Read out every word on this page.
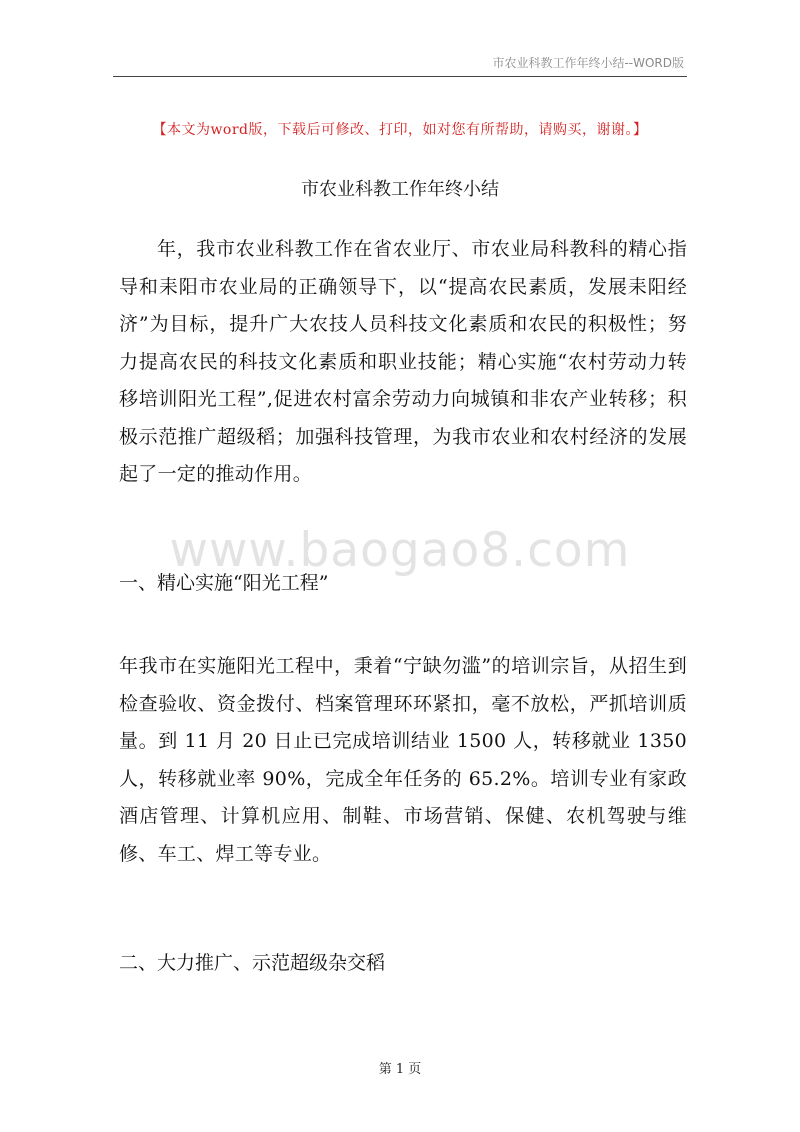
市农业科教工作年终小结--WORD版
【本文为word版，下载后可修改、打印，如对您有所帮助，请购买，谢谢。】
市农业科教工作年终小结

年，我市农业科教工作在省农业厅、市农业局科教科的精心指导和耒阳市农业局的正确领导下，以“提高农民素质，发展耒阳经济”为目标，提升广大农技人员科技文化素质和农民的积极性；努力提高农民的科技文化素质和职业技能；精心实施“农村劳动力转移培训阳光工程”,促进农村富余劳动力向城镇和非农产业转移；积极示范推广超级稻；加强科技管理，为我市农业和农村经济的发展起了一定的推动作用。

www.baogao8.com

一、精心实施“阳光工程”

年我市在实施阳光工程中，秉着“宁缺勿滥”的培训宗旨，从招生到检查验收、资金拨付、档案管理环环紧扣，毫不放松，严抓培训质量。到 11 月 20 日止已完成培训结业 1500 人，转移就业 1350 人，转移就业率 90%，完成全年任务的 65.2%。培训专业有家政酒店管理、计算机应用、制鞋、市场营销、保健、农机驾驶与维修、车工、焊工等专业。

二、大力推广、示范超级杂交稻

第 1 页
